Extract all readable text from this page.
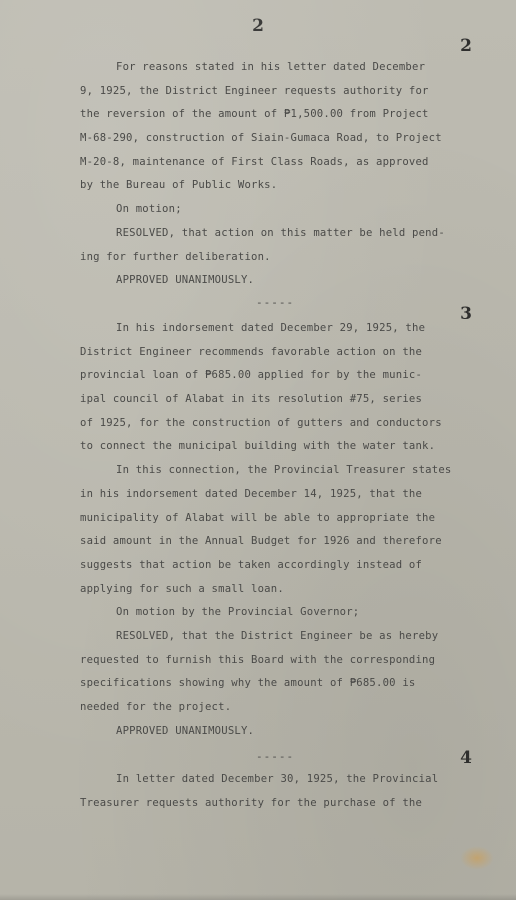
2
2
For reasons stated in his letter dated December
9, 1925, the District Engineer requests authority for
the reversion of the amount of ₱1,500.00 from Project
M-68-290, construction of Siain-Gumaca Road, to Project
M-20-8, maintenance of First Class Roads, as approved
by the Bureau of Public Works.
On motion;
RESOLVED, that action on this matter be held pend-
ing for further deliberation.
APPROVED UNANIMOUSLY.
-----
3
In his indorsement dated December 29, 1925, the
District Engineer recommends favorable action on the
provincial loan of ₱685.00 applied for by the munic-
ipal council of Alabat in its resolution #75, series
of 1925, for the construction of gutters and conductors
to connect the municipal building with the water tank.
In this connection, the Provincial Treasurer states
in his indorsement dated December 14, 1925, that the
municipality of Alabat will be able to appropriate the
said amount in the Annual Budget for 1926 and therefore
suggests that action be taken accordingly instead of
applying for such a small loan.
On motion by the Provincial Governor;
RESOLVED, that the District Engineer be as hereby
requested to furnish this Board with the corresponding
specifications showing why the amount of ₱685.00 is
needed for the project.
APPROVED UNANIMOUSLY.
-----	4
In letter dated December 30, 1925, the Provincial
Treasurer requests authority for the purchase of the
